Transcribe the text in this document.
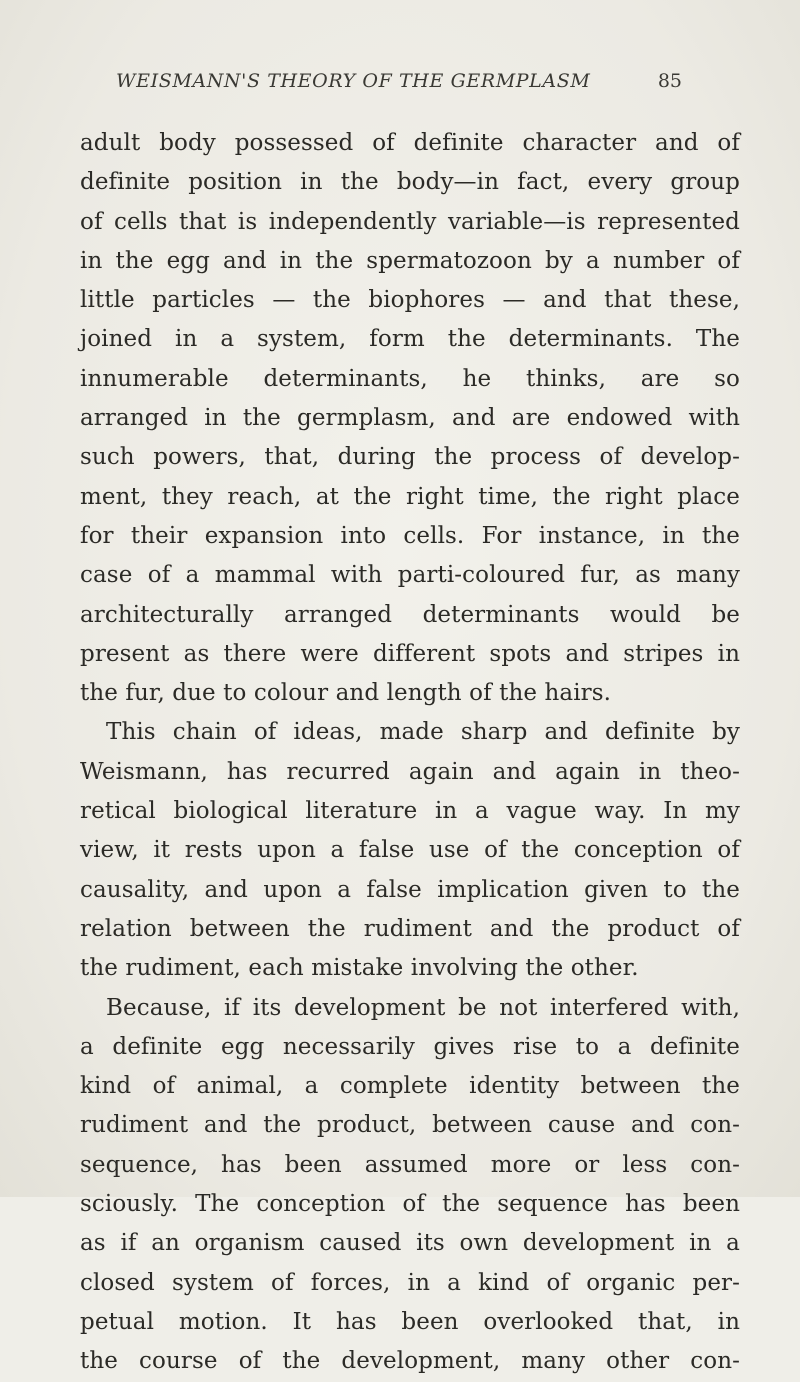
WEISMANN'S THEORY OF THE GERMPLASM	85
adult body possessed of definite character and of
definite position in the body—in fact, every group
of cells that is independently variable—is represented
in the egg and in the spermatozoon by a number of
little particles — the biophores — and that these,
joined in a system, form the determinants. The
innumerable determinants, he thinks, are so
arranged in the germplasm, and are endowed with
such powers, that, during the process of develop-
ment, they reach, at the right time, the right place
for their expansion into cells. For instance, in the
case of a mammal with parti-coloured fur, as many
architecturally arranged determinants would be
present as there were different spots and stripes in
the fur, due to colour and length of the hairs.
This chain of ideas, made sharp and definite by
Weismann, has recurred again and again in theo-
retical biological literature in a vague way. In my
view, it rests upon a false use of the conception of
causality, and upon a false implication given to the
relation between the rudiment and the product of
the rudiment, each mistake involving the other.
Because, if its development be not interfered with,
a definite egg necessarily gives rise to a definite
kind of animal, a complete identity between the
rudiment and the product, between cause and con-
sequence, has been assumed more or less con-
sciously. The conception of the sequence has been
as if an organism caused its own development in a
closed system of forces, in a kind of organic per-
petual motion. It has been overlooked that, in
the course of the development, many other con-
